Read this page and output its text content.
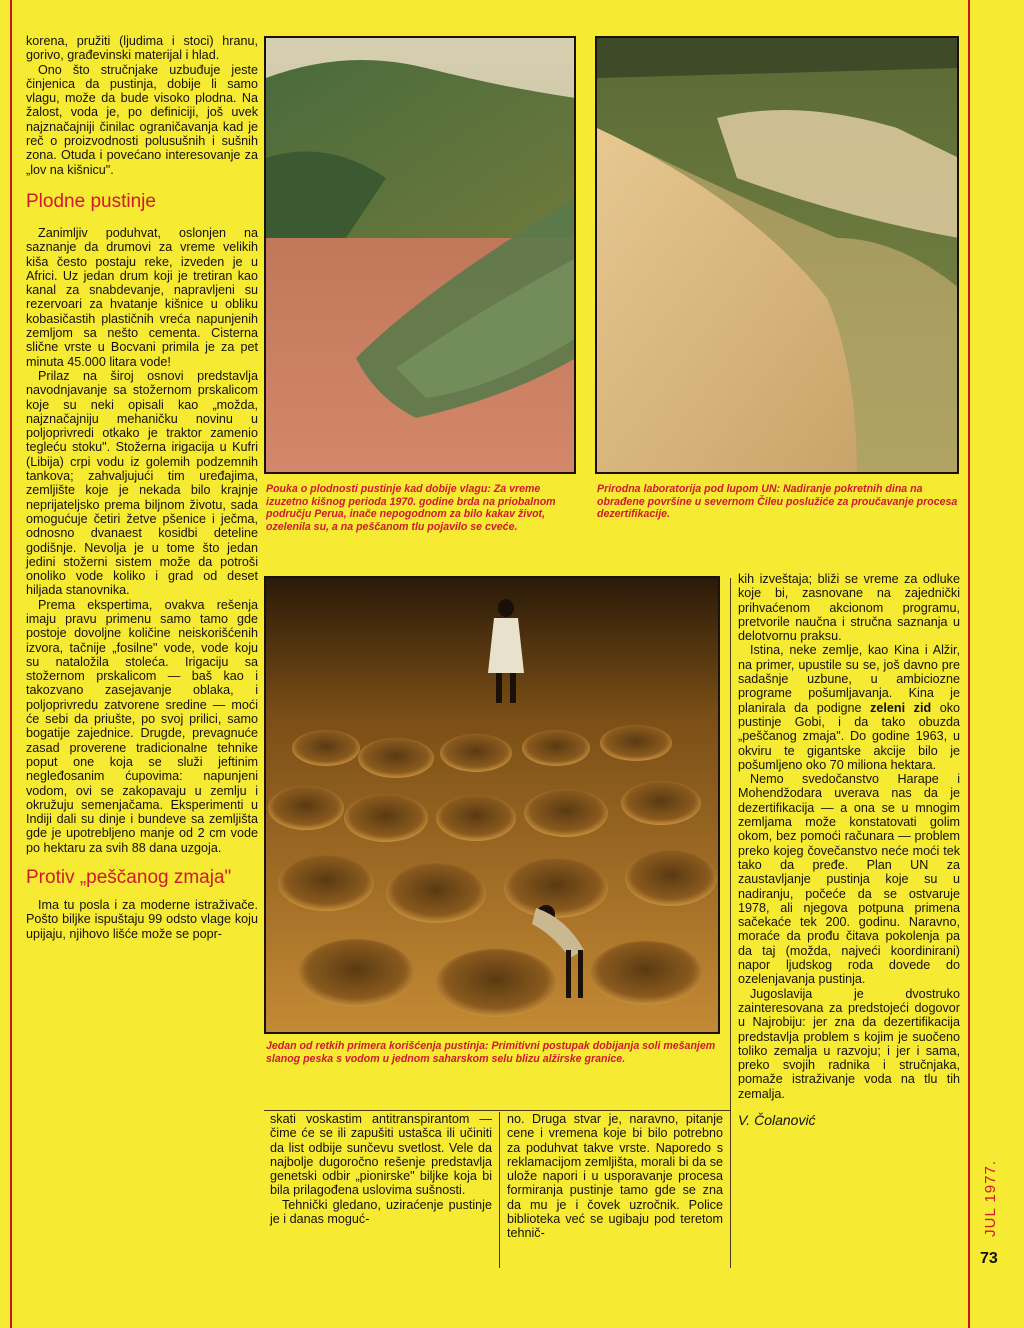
korena, pružiti (ljudima i stoci) hranu, gorivo, građevinski materijal i hlad.

Ono što stručnjake uzbuđuje jeste činjenica da pustinja, dobije li samo vlagu, može da bude visoko plodna. Na žalost, voda je, po definiciji, još uvek najznačajniji činilac ograničavanja kad je reč o proizvodnosti polusušnih i sušnih zona. Otuda i povećano interesovanje za „lov na kišnicu".

Plodne pustinje

Zanimljiv poduhvat, oslonjen na saznanje da drumovi za vreme velikih kiša često postaju reke, izveden je u Africi. Uz jedan drum koji je tretiran kao kanal za snabdevanje, napravljeni su rezervoari za hvatanje kišnice u obliku kobasičastih plastičnih vreća napunjenih zemljom sa nešto cementa. Cisterna slične vrste u Bocvani primila je za pet minuta 45.000 litara vode!

Prilaz na široj osnovi predstavlja navodnjavanje sa stožernom prskalicom koje su neki opisali kao „možda, najznačajniju mehaničku novinu u poljoprivredi otkako je traktor zamenio tegleću stoku". Stožerna irigacija u Kufri (Libija) crpi vodu iz golemih podzemnih tankova; zahvaljujući tim uređajima, zemljište koje je nekada bilo krajnje neprijateljsko prema biljnom životu, sada omogućuje četiri žetve pšenice i ječma, odnosno dvanaest kosidbi deteline godišnje. Nevolja je u tome što jedan jedini stožerni sistem može da potroši onoliko vode koliko i grad od deset hiljada stanovnika.

Prema ekspertima, ovakva rešenja imaju pravu primenu samo tamo gde postoje dovoljne količine neiskorišćenih izvora, tačnije „fosilne" vode, vode koju su nataložila stoleća. Irigaciju sa stožernom prskalicom — baš kao i takozvano zasejavanje oblaka, i poljoprivredu zatvorene sredine — moći će sebi da priušte, po svoj prilici, samo bogatije zajednice. Drugde, prevagnuće zasad proverene tradicionalne tehnike poput one koja se služi jeftinim neglеđosanim ćupovima: napunjeni vodom, ovi se zakopavaju u zemlju i okružuju semenjačama. Eksperimenti u Indiji dali su dinje i bundeve sa zemljišta gde je upotrebljeno manje od 2 cm vode po hektaru za svih 88 dana uzgoja.

Protiv „peščanog zmaja"

Ima tu posla i za moderne istraživače. Pošto biljke ispuštaju 99 odsto vlage koju upijaju, njihovo lišće može se popr-

Pouka o plodnosti pustinje kad dobije vlagu: Za vreme izuzetno kišnog perioda 1970. godine brda na priobalnom području Perua, inače nepogodnom za bilo kakav život, ozelenila su, a na peščanom tlu pojavilo se cveće.
Prirodna laboratorija pod lupom UN: Nadiranje pokretnih dina na obrađene površine u severnom Čileu poslužiće za proučavanje procesa dezertifikacije.
Jedan od retkih primera korišćenja pustinja: Primitivni postupak dobijanja soli mešanjem slanog peska s vodom u jednom saharskom selu blizu alžirske granice.

skati voskastim antitranspirantom — čime će se ili zapušiti ustašca ili učiniti da list odbije sunčevu svetlost. Vele da najbolje dugoročno rešenje predstavlja genetski odbir „pionirske" biljke koja bi bila prilagođena uslovima sušnosti.

Tehnički gledano, uziraćenje pustinje je i danas moguć-

no. Druga stvar je, naravno, pitanje cene i vremena koje bi bilo potrebno za poduhvat takve vrste. Naporedo s reklamacijom zemljišta, morali bi da se ulože napori i u usporavanje procesa formiranja pustinje tamo gde se zna da mu je i čovek uzročnik. Police biblioteka već se ugibaju pod teretom tehnič-

kih izveštaja; bliži se vreme za odluke koje bi, zasnovane na zajednički prihvaćenom akcionom programu, pretvorile naučna i stručna saznanja u delotvornu praksu.

Istina, neke zemlje, kao Kina i Alžir, na primer, upustile su se, još davno pre sadašnje uzbune, u ambiciozne programe pošumljavanja. Kina je planirala da podigne zeleni zid oko pustinje Gobi, i da tako obuzda „peščanog zmaja". Do godine 1963, u okviru te gigantske akcije bilo je pošumljeno oko 70 miliona hektara.

Nemo svedočanstvo Harape i Mohendžodara uverava nas da je dezertifikacija — a ona se u mnogim zemljama može konstatovati golim okom, bez pomoći računara — problem preko kojeg čovečanstvo neće moći tek tako da pređe. Plan UN za zaustavljanje pustinja koje su u nadiranju, počeće da se ostvaruje 1978, ali njegova potpuna primena sačekaće tek 200. godinu. Naravno, moraće da prođu čitava pokolenja pa da taj (možda, najveći koordinirani) napor ljudskog roda dovede do ozelenjavanja pustinja.

Jugoslavija je dvostruko zainteresovana za predstojeći dogovor u Najrobiju: jer zna da dezertifikacija predstavlja problem s kojim je suočeno toliko zemalja u razvoju; i jer i sama, preko svojih radnika i stručnjaka, pomaže istraživanje voda na tlu tih zemalja.

V. Čolanović
JUL 1977.
73
